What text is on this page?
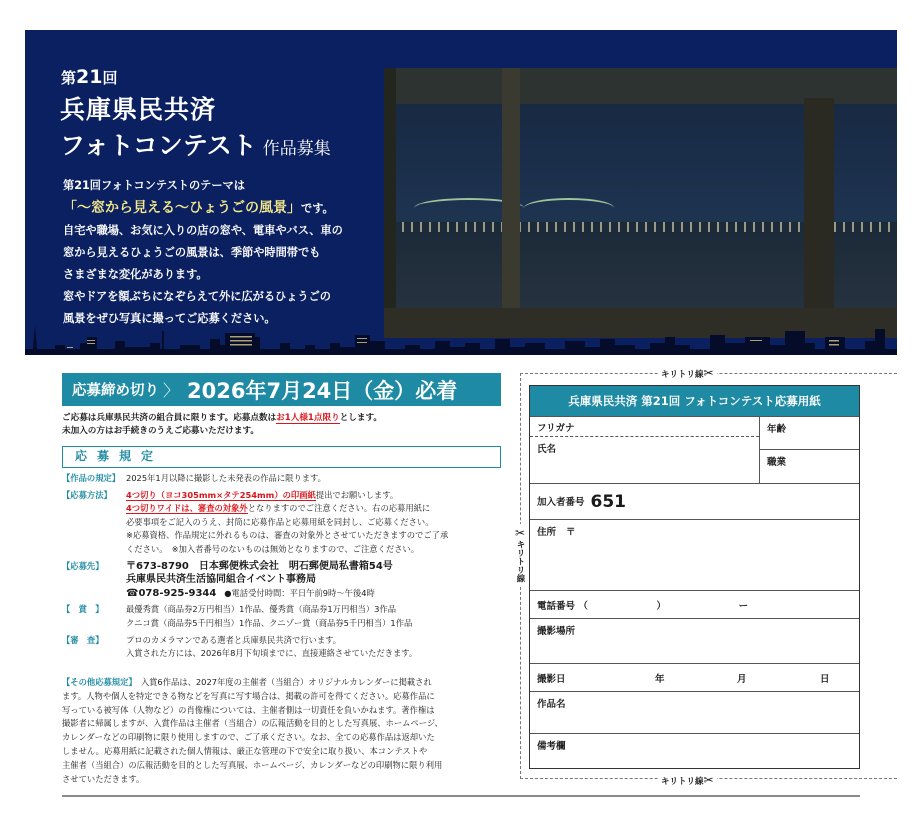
第21回
兵庫県民共済
フォトコンテスト 作品募集
第21回フォトコンテストのテーマは
「～窓から見える～ひょうごの風景」です。
自宅や職場、お気に入りの店の窓や、電車やバス、車の
窓から見えるひょうごの風景は、季節や時間帯でも
さまざまな変化があります。
窓やドアを額ぶちになぞらえて外に広がるひょうごの
風景をぜひ写真に撮ってご応募ください。
応募締め切り 〉 2026年7月24日（金）必着
ご応募は兵庫県民共済の組合員に限ります。応募点数はお1人様1点限りとします。
未加入の方はお手続きのうえご応募いただけます。
応募規定
【作品の規定】 2025年1月以降に撮影した未発表の作品に限ります。
【応募方法】	4つ切り（ヨコ305mm×タテ254mm）の印画紙提出でお願いします。
4つ切りワイドは、審査の対象外となりますのでご注意ください。右の応募用紙に
必要事項をご記入のうえ、封筒に応募作品と応募用紙を同封し、ご応募ください。
※応募資格、作品規定に外れるものは、審査の対象外とさせていただきますのでご了承
ください。　※加入者番号のないものは無効となりますので、ご注意ください。
【応募先】	〒673-8790　日本郵便株式会社　明石郵便局私書箱54号
兵庫県民共済生活協同組合イベント事務局
☎078-925-9344 ●電話受付時間：平日午前9時～午後4時
【　賞　】	最優秀賞（商品券2万円相当）1作品、優秀賞（商品券1万円相当）3作品
クニコ賞（商品券5千円相当）1作品、クニゾー賞（商品券5千円相当）1作品
【審　査】	プロのカメラマンである選者と兵庫県民共済で行います。
入賞された方には、2026年8月下旬頃までに、直接連絡させていただきます。
【その他応募規定】　入賞6作品は、2027年度の主催者（当組合）オリジナルカレンダーに掲載され
ます。人物や個人を特定できる物などを写真に写す場合は、掲載の許可を得てください。応募作品に
写っている被写体（人物など）の肖像権については、主催者側は一切責任を負いかねます。著作権は
撮影者に帰属しますが、入賞作品は主催者（当組合）の広報活動を目的とした写真展、ホームページ、
カレンダーなどの印刷物に限り使用しますので、ご了承ください。なお、全ての応募作品は返却いた
しません。応募用紙に記載された個人情報は、厳正な管理の下で安全に取り扱い、本コンテストや
主催者（当組合）の広報活動を目的とした写真展、ホームページ、カレンダーなどの印刷物に限り利用
させていただきます。
キリトリ線✂
✂キリトリ線
キリトリ線✂
兵庫県民共済 第21回 フォトコンテスト応募用紙
フリガナ
氏名
年齢
職業
加入者番号 651
住所 〒
電話番号 （	）	ー
撮影場所
撮影日	年	月	日
作品名
備考欄
